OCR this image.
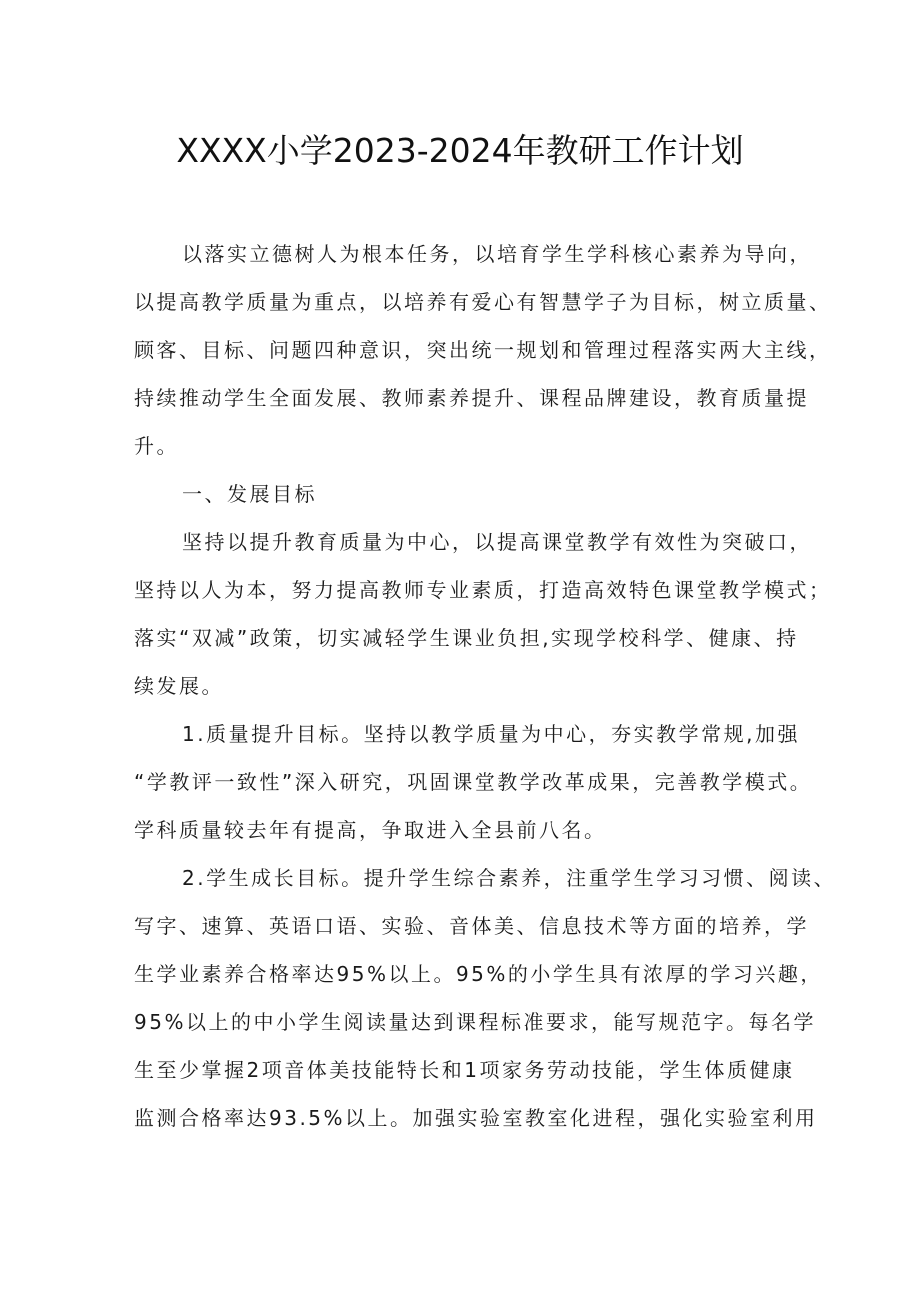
XXXX小学2023-2024年教研工作计划
以落实立德树人为根本任务，以培育学生学科核心素养为导向，
以提高教学质量为重点，以培养有爱心有智慧学子为目标，树立质量、
顾客、目标、问题四种意识，突出统一规划和管理过程落实两大主线，
持续推动学生全面发展、教师素养提升、课程品牌建设，教育质量提
升。
一、发展目标
坚持以提升教育质量为中心，以提高课堂教学有效性为突破口，
坚持以人为本，努力提高教师专业素质，打造高效特色课堂教学模式；
落实“双减”政策，切实减轻学生课业负担,实现学校科学、健康、持
续发展。
1.质量提升目标。坚持以教学质量为中心，夯实教学常规,加强
“学教评一致性”深入研究，巩固课堂教学改革成果，完善教学模式。
学科质量较去年有提高，争取进入全县前八名。
2.学生成长目标。提升学生综合素养，注重学生学习习惯、阅读、
写字、速算、英语口语、实验、音体美、信息技术等方面的培养，学
生学业素养合格率达95%以上。95%的小学生具有浓厚的学习兴趣，
95%以上的中小学生阅读量达到课程标准要求，能写规范字。每名学
生至少掌握2项音体美技能特长和1项家务劳动技能，学生体质健康
监测合格率达93.5%以上。加强实验室教室化进程，强化实验室利用
